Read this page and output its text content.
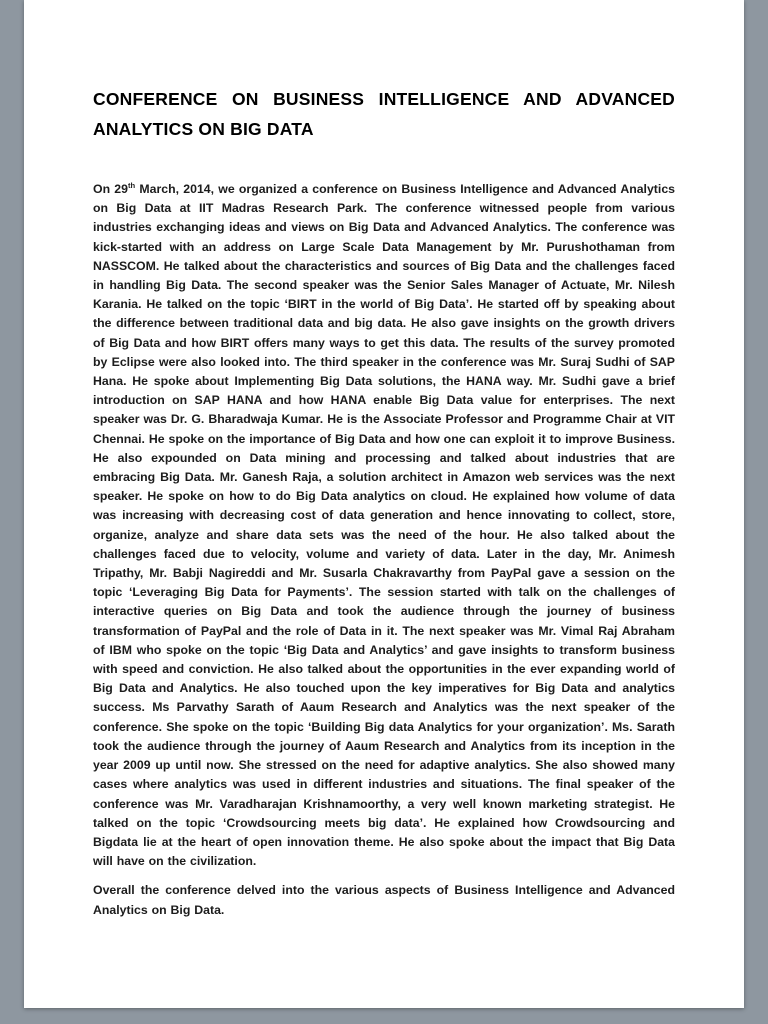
CONFERENCE ON BUSINESS INTELLIGENCE AND ADVANCED
ANALYTICS ON BIG DATA

On 29th March, 2014, we organized a conference on Business Intelligence and Advanced Analytics on Big Data at IIT Madras Research Park. The conference witnessed people from various industries exchanging ideas and views on Big Data and Advanced Analytics. The conference was kick-started with an address on Large Scale Data Management by Mr. Purushothaman from NASSCOM. He talked about the characteristics and sources of Big Data and the challenges faced in handling Big Data. The second speaker was the Senior Sales Manager of Actuate, Mr. Nilesh Karania. He talked on the topic ‘BIRT in the world of Big Data’. He started off by speaking about the difference between traditional data and big data. He also gave insights on the growth drivers of Big Data and how BIRT offers many ways to get this data. The results of the survey promoted by Eclipse were also looked into. The third speaker in the conference was Mr. Suraj Sudhi of SAP Hana. He spoke about Implementing Big Data solutions, the HANA way. Mr. Sudhi gave a brief introduction on SAP HANA and how HANA enable Big Data value for enterprises. The next speaker was Dr. G. Bharadwaja Kumar. He is the Associate Professor and Programme Chair at VIT Chennai. He spoke on the importance of Big Data and how one can exploit it to improve Business. He also expounded on Data mining and processing and talked about industries that are embracing Big Data. Mr. Ganesh Raja, a solution architect in Amazon web services was the next speaker. He spoke on how to do Big Data analytics on cloud. He explained how volume of data was increasing with decreasing cost of data generation and hence innovating to collect, store, organize, analyze and share data sets was the need of the hour. He also talked about the challenges faced due to velocity, volume and variety of data. Later in the day, Mr. Animesh Tripathy, Mr. Babji Nagireddi and Mr. Susarla Chakravarthy from PayPal gave a session on the topic ‘Leveraging Big Data for Payments’. The session started with talk on the challenges of interactive queries on Big Data and took the audience through the journey of business transformation of PayPal and the role of Data in it. The next speaker was Mr. Vimal Raj Abraham of IBM who spoke on the topic ‘Big Data and Analytics’ and gave insights to transform business with speed and conviction. He also talked about the opportunities in the ever expanding world of Big Data and Analytics. He also touched upon the key imperatives for Big Data and analytics success. Ms Parvathy Sarath of Aaum Research and Analytics was the next speaker of the conference. She spoke on the topic ‘Building Big data Analytics for your organization’. Ms. Sarath took the audience through the journey of Aaum Research and Analytics from its inception in the year 2009 up until now. She stressed on the need for adaptive analytics. She also showed many cases where analytics was used in different industries and situations. The final speaker of the conference was Mr. Varadharajan Krishnamoorthy, a very well known marketing strategist. He talked on the topic ‘Crowdsourcing meets big data’. He explained how Crowdsourcing and Bigdata lie at the heart of open innovation theme. He also spoke about the impact that Big Data will have on the civilization.

Overall the conference delved into the various aspects of Business Intelligence and Advanced Analytics on Big Data.
